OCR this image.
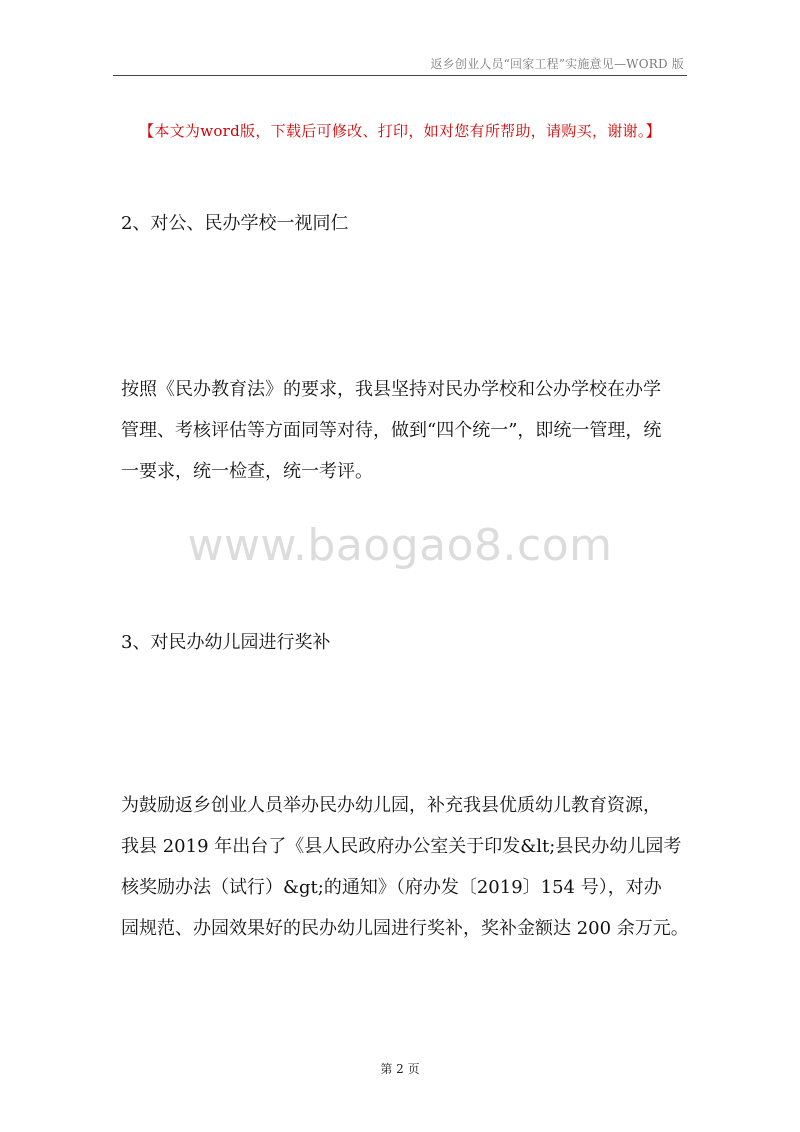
返乡创业人员“回家工程”实施意见—WORD 版
【本文为word版，下载后可修改、打印，如对您有所帮助，请购买，谢谢。】
2、对公、民办学校一视同仁
按照《民办教育法》的要求，我县坚持对民办学校和公办学校在办学
管理、考核评估等方面同等对待，做到“四个统一”，即统一管理，统
一要求，统一检查，统一考评。
www.baogao8.com
3、对民办幼儿园进行奖补
为鼓励返乡创业人员举办民办幼儿园，补充我县优质幼儿教育资源，
我县 2019 年出台了《县人民政府办公室关于印发&lt;县民办幼儿园考
核奖励办法（试行）&gt;的通知》（府办发〔2019〕154 号），对办
园规范、办园效果好的民办幼儿园进行奖补，奖补金额达 200 余万元。
第 2 页
